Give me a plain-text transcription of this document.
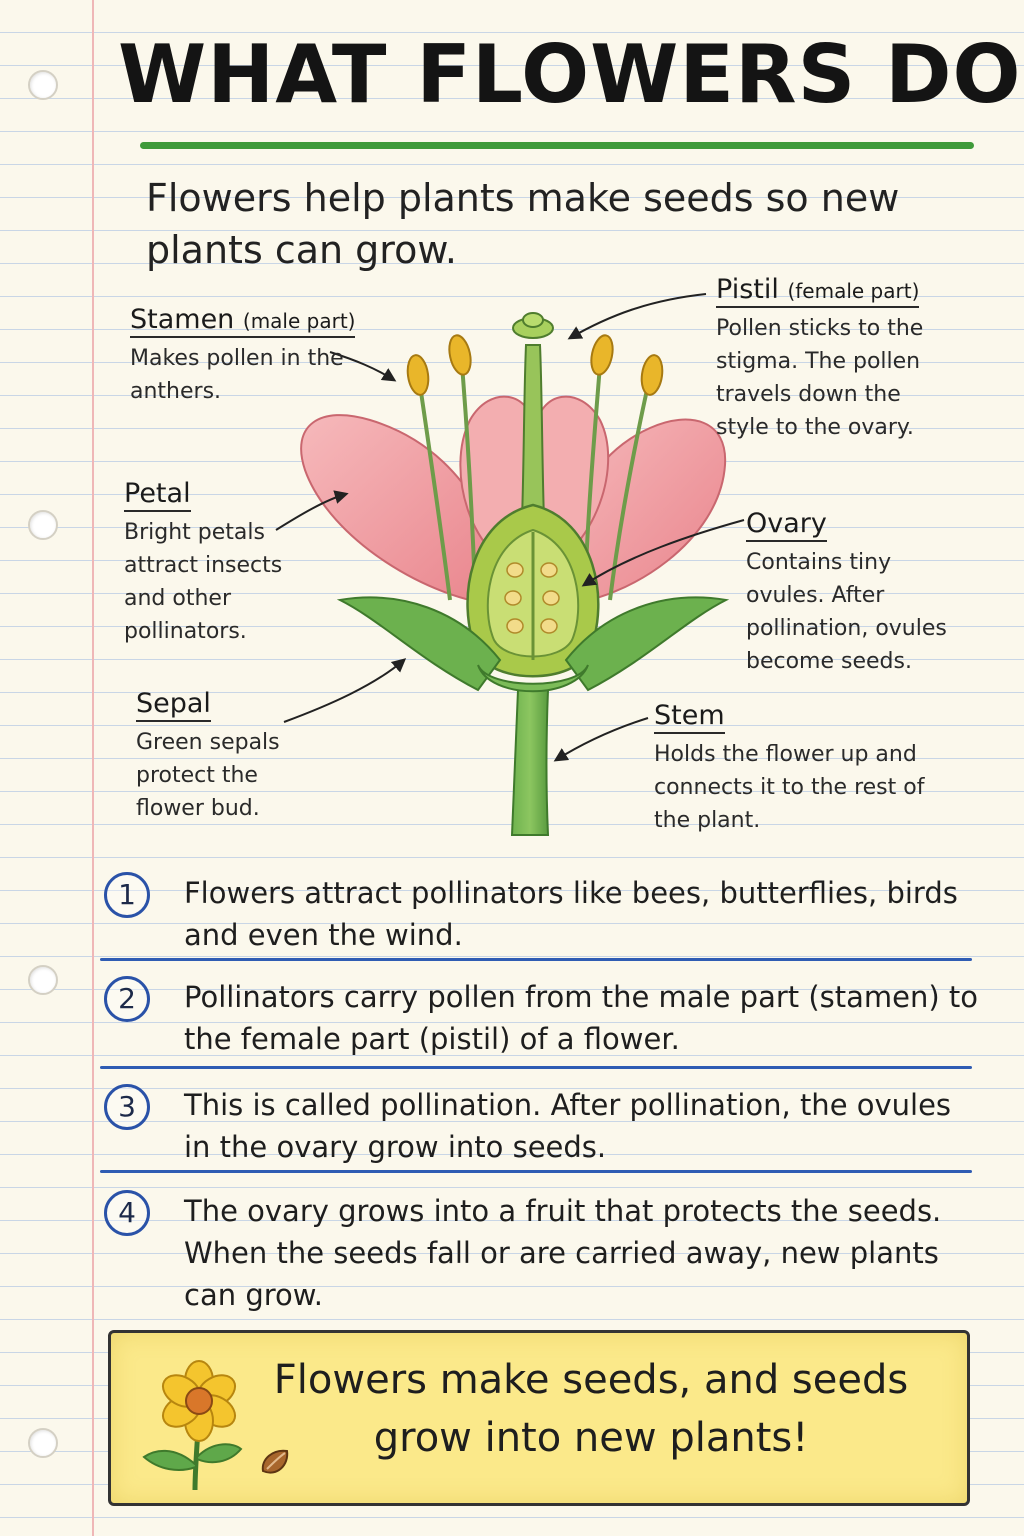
WHAT FLOWERS DO
Flowers help plants make seeds so new plants can grow.
Stamen (male part)
Makes pollen in the anthers.
Pistil (female part)
Pollen sticks to the stigma. The pollen travels down the style to the ovary.
Petal
Bright petals attract insects and other pollinators.
Ovary
Contains tiny ovules. After pollination, ovules become seeds.
Sepal
Green sepals protect the flower bud.
Stem
Holds the flower up and connects it to the rest of the plant.
1	Flowers attract pollinators like bees, butterflies, birds and even the wind.
2	Pollinators carry pollen from the male part (stamen) to the female part (pistil) of a flower.
3	This is called pollination. After pollination, the ovules in the ovary grow into seeds.
4	The ovary grows into a fruit that protects the seeds. When the seeds fall or are carried away, new plants can grow.
Flowers make seeds, and seeds grow into new plants!
